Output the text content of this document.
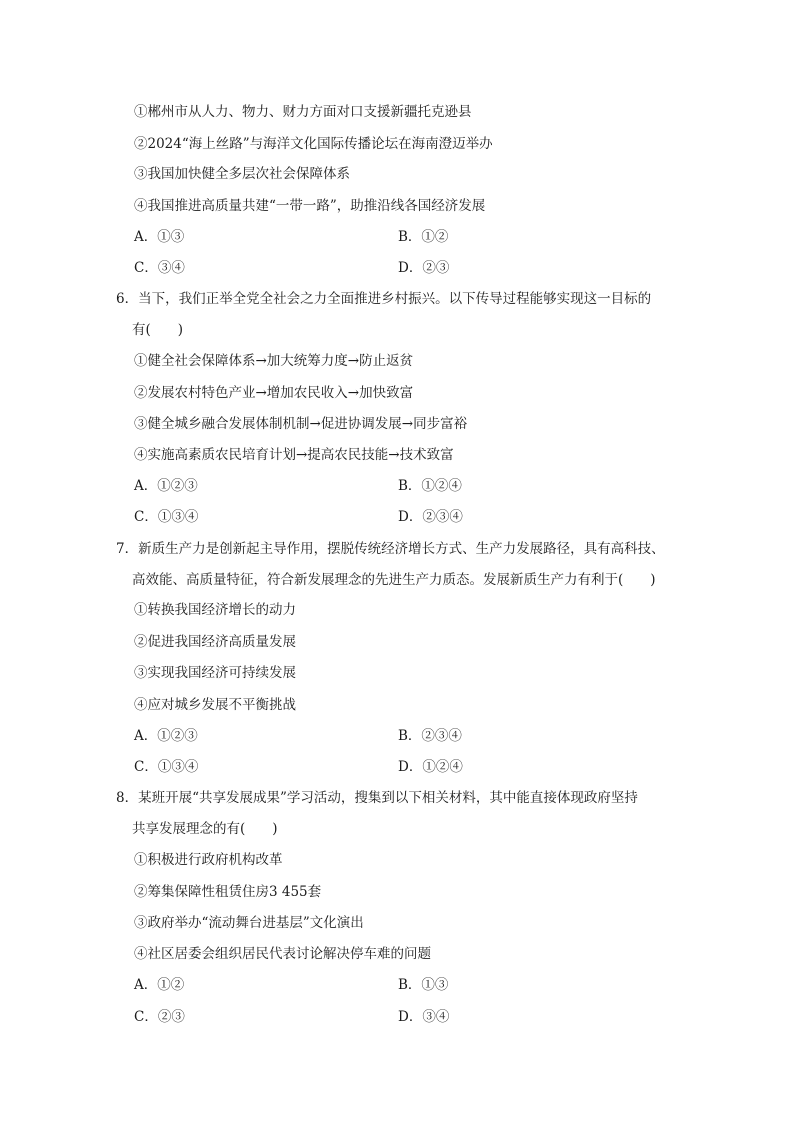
①郴州市从人力、物力、财力方面对口支援新疆托克逊县
②2024“海上丝路”与海洋文化国际传播论坛在海南澄迈举办
③我国加快健全多层次社会保障体系
④我国推进高质量共建“一带一路”，助推沿线各国经济发展
A．①③	B．①②
C．③④	D．②③
6．当下，我们正举全党全社会之力全面推进乡村振兴。以下传导过程能够实现这一目标的
有(　　)
①健全社会保障体系→加大统筹力度→防止返贫
②发展农村特色产业→增加农民收入→加快致富
③健全城乡融合发展体制机制→促进协调发展→同步富裕
④实施高素质农民培育计划→提高农民技能→技术致富
A．①②③	B．①②④
C．①③④	D．②③④
7．新质生产力是创新起主导作用，摆脱传统经济增长方式、生产力发展路径，具有高科技、
高效能、高质量特征，符合新发展理念的先进生产力质态。发展新质生产力有利于(　　)
①转换我国经济增长的动力
②促进我国经济高质量发展
③实现我国经济可持续发展
④应对城乡发展不平衡挑战
A．①②③	B．②③④
C．①③④	D．①②④
8．某班开展“共享发展成果”学习活动，搜集到以下相关材料，其中能直接体现政府坚持
共享发展理念的有(　　)
①积极进行政府机构改革
②筹集保障性租赁住房3 455套
③政府举办“流动舞台进基层”文化演出
④社区居委会组织居民代表讨论解决停车难的问题
A．①②	B．①③
C．②③	D．③④
